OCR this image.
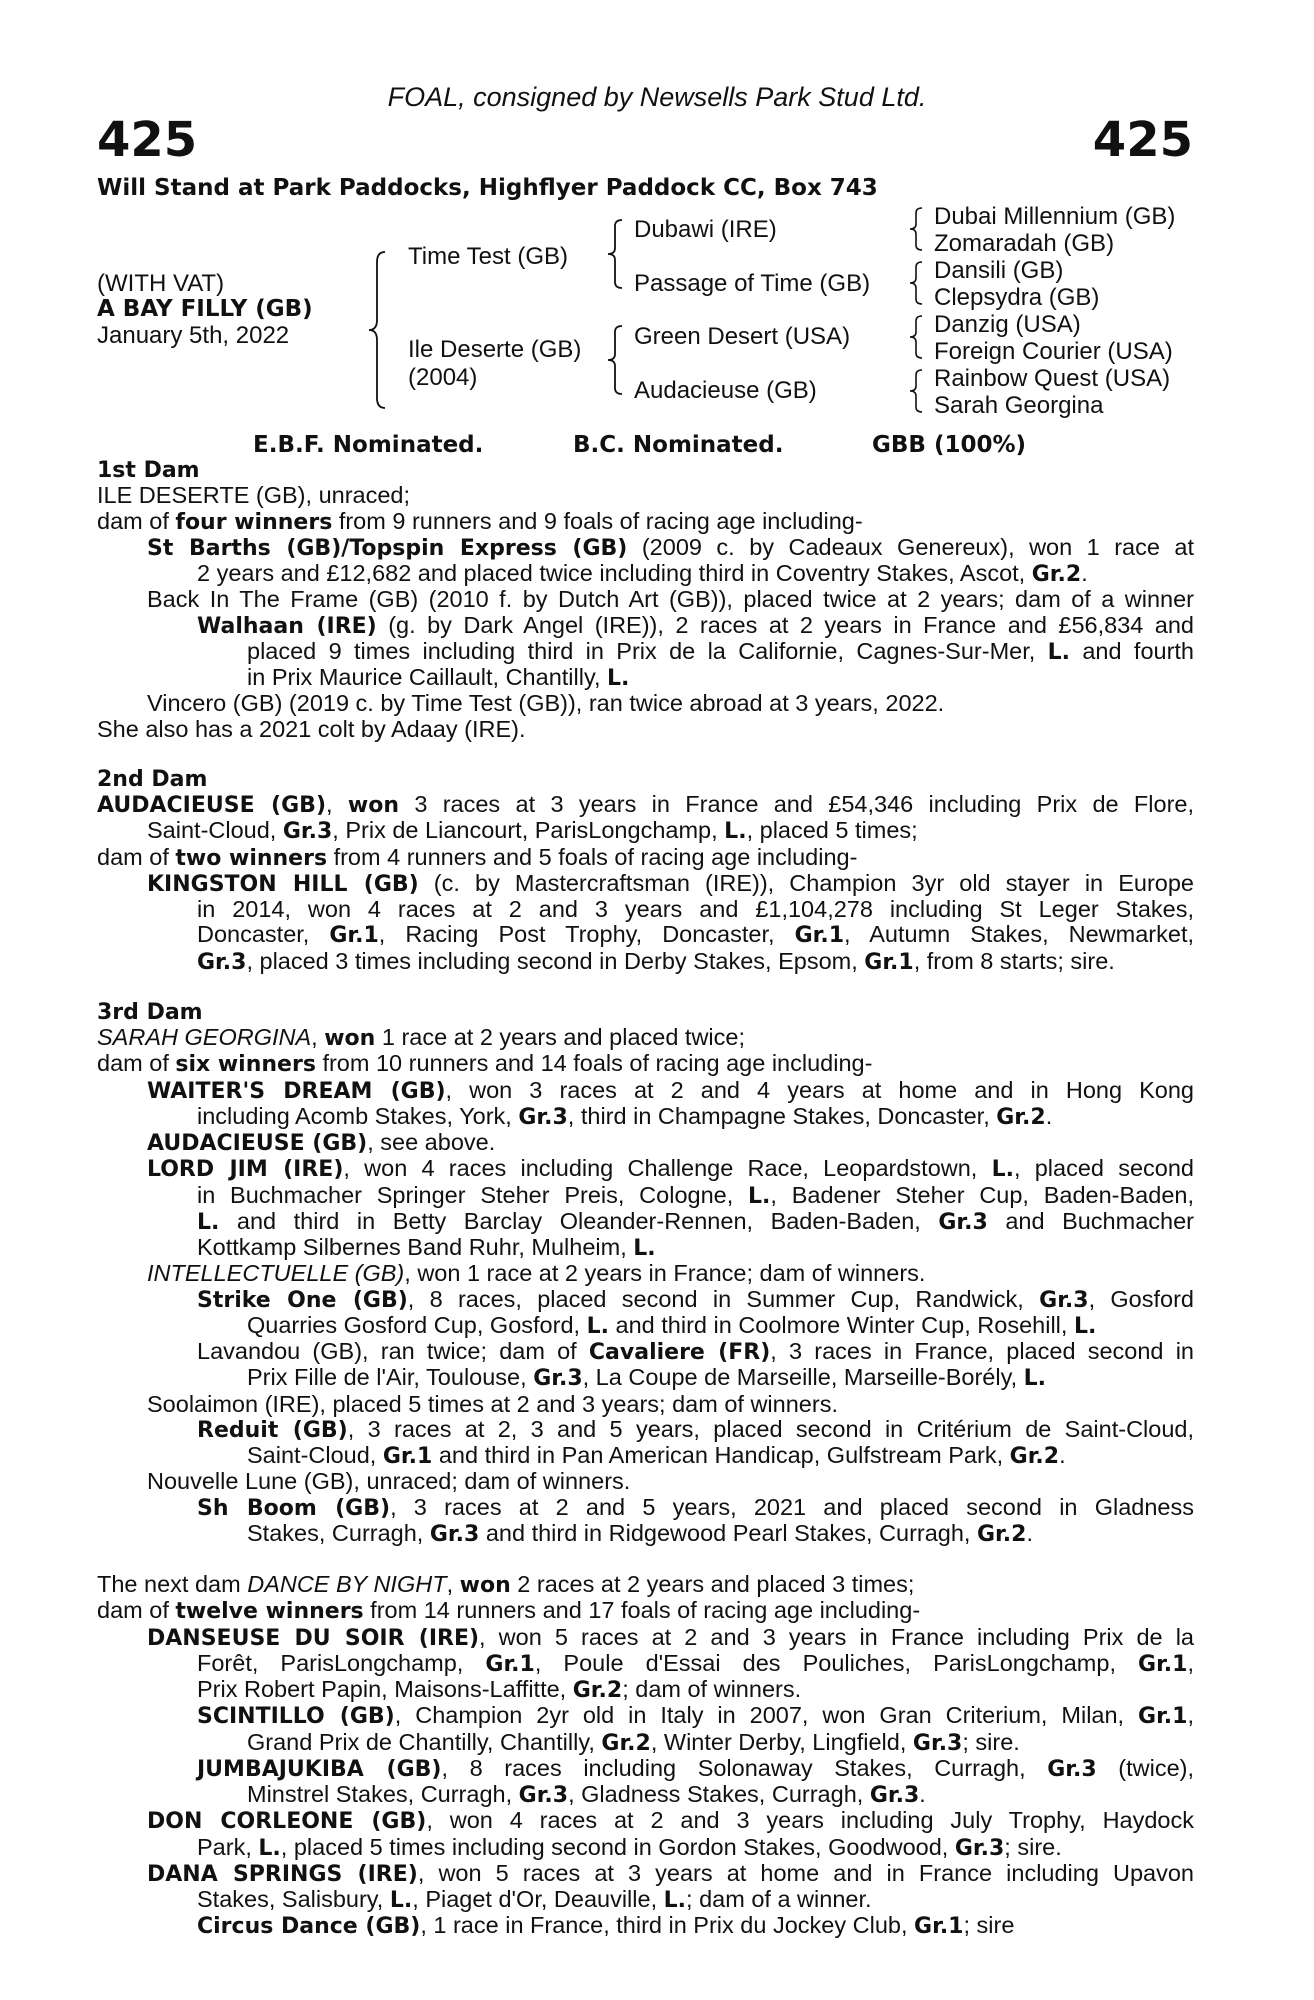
FOAL, consigned by Newsells Park Stud Ltd.
425	425
Will Stand at Park Paddocks, Highflyer Paddock CC, Box 743
(WITH VAT)
A BAY FILLY (GB)
January 5th, 2022
Time Test (GB)
Ile Deserte (GB)
(2004)
Dubawi (IRE)
Passage of Time (GB)
Green Desert (USA)
Audacieuse (GB)
Dubai Millennium (GB)
Zomaradah (GB)
Dansili (GB)
Clepsydra (GB)
Danzig (USA)
Foreign Courier (USA)
Rainbow Quest (USA)
Sarah Georgina
E.B.F. Nominated.	B.C. Nominated.	GBB (100%)

1st Dam

ILE DESERTE (GB), unraced;

dam of four winners from 9 runners and 9 foals of racing age including-

St Barths (GB)/Topspin Express (GB) (2009 c. by Cadeaux Genereux), won 1 race at

2 years and £12,682 and placed twice including third in Coventry Stakes, Ascot, Gr.2.

Back In The Frame (GB) (2010 f. by Dutch Art (GB)), placed twice at 2 years; dam of a winner

Walhaan (IRE) (g. by Dark Angel (IRE)), 2 races at 2 years in France and £56,834 and

placed 9 times including third in Prix de la Californie, Cagnes-Sur-Mer, L. and fourth

in Prix Maurice Caillault, Chantilly, L.

Vincero (GB) (2019 c. by Time Test (GB)), ran twice abroad at 3 years, 2022.

She also has a 2021 colt by Adaay (IRE).

2nd Dam

AUDACIEUSE (GB), won 3 races at 3 years in France and £54,346 including Prix de Flore,

Saint-Cloud, Gr.3, Prix de Liancourt, ParisLongchamp, L., placed 5 times;

dam of two winners from 4 runners and 5 foals of racing age including-

KINGSTON HILL (GB) (c. by Mastercraftsman (IRE)), Champion 3yr old stayer in Europe

in 2014, won 4 races at 2 and 3 years and £1,104,278 including St Leger Stakes,

Doncaster, Gr.1, Racing Post Trophy, Doncaster, Gr.1, Autumn Stakes, Newmarket,

Gr.3, placed 3 times including second in Derby Stakes, Epsom, Gr.1, from 8 starts; sire.

3rd Dam

SARAH GEORGINA, won 1 race at 2 years and placed twice;

dam of six winners from 10 runners and 14 foals of racing age including-

WAITER'S DREAM (GB), won 3 races at 2 and 4 years at home and in Hong Kong

including Acomb Stakes, York, Gr.3, third in Champagne Stakes, Doncaster, Gr.2.

AUDACIEUSE (GB), see above.

LORD JIM (IRE), won 4 races including Challenge Race, Leopardstown, L., placed second

in Buchmacher Springer Steher Preis, Cologne, L., Badener Steher Cup, Baden-Baden,

L. and third in Betty Barclay Oleander-Rennen, Baden-Baden, Gr.3 and Buchmacher

Kottkamp Silbernes Band Ruhr, Mulheim, L.

INTELLECTUELLE (GB), won 1 race at 2 years in France; dam of winners.

Strike One (GB), 8 races, placed second in Summer Cup, Randwick, Gr.3, Gosford

Quarries Gosford Cup, Gosford, L. and third in Coolmore Winter Cup, Rosehill, L.

Lavandou (GB), ran twice; dam of Cavaliere (FR), 3 races in France, placed second in

Prix Fille de l'Air, Toulouse, Gr.3, La Coupe de Marseille, Marseille-Borély, L.

Soolaimon (IRE), placed 5 times at 2 and 3 years; dam of winners.

Reduit (GB), 3 races at 2, 3 and 5 years, placed second in Critérium de Saint-Cloud,

Saint-Cloud, Gr.1 and third in Pan American Handicap, Gulfstream Park, Gr.2.

Nouvelle Lune (GB), unraced; dam of winners.

Sh Boom (GB), 3 races at 2 and 5 years, 2021 and placed second in Gladness

Stakes, Curragh, Gr.3 and third in Ridgewood Pearl Stakes, Curragh, Gr.2.

The next dam DANCE BY NIGHT, won 2 races at 2 years and placed 3 times;

dam of twelve winners from 14 runners and 17 foals of racing age including-

DANSEUSE DU SOIR (IRE), won 5 races at 2 and 3 years in France including Prix de la

Forêt, ParisLongchamp, Gr.1, Poule d'Essai des Pouliches, ParisLongchamp, Gr.1,

Prix Robert Papin, Maisons-Laffitte, Gr.2; dam of winners.

SCINTILLO (GB), Champion 2yr old in Italy in 2007, won Gran Criterium, Milan, Gr.1,

Grand Prix de Chantilly, Chantilly, Gr.2, Winter Derby, Lingfield, Gr.3; sire.

JUMBAJUKIBA (GB), 8 races including Solonaway Stakes, Curragh, Gr.3 (twice),

Minstrel Stakes, Curragh, Gr.3, Gladness Stakes, Curragh, Gr.3.

DON CORLEONE (GB), won 4 races at 2 and 3 years including July Trophy, Haydock

Park, L., placed 5 times including second in Gordon Stakes, Goodwood, Gr.3; sire.

DANA SPRINGS (IRE), won 5 races at 3 years at home and in France including Upavon

Stakes, Salisbury, L., Piaget d'Or, Deauville, L.; dam of a winner.

Circus Dance (GB), 1 race in France, third in Prix du Jockey Club, Gr.1; sire
